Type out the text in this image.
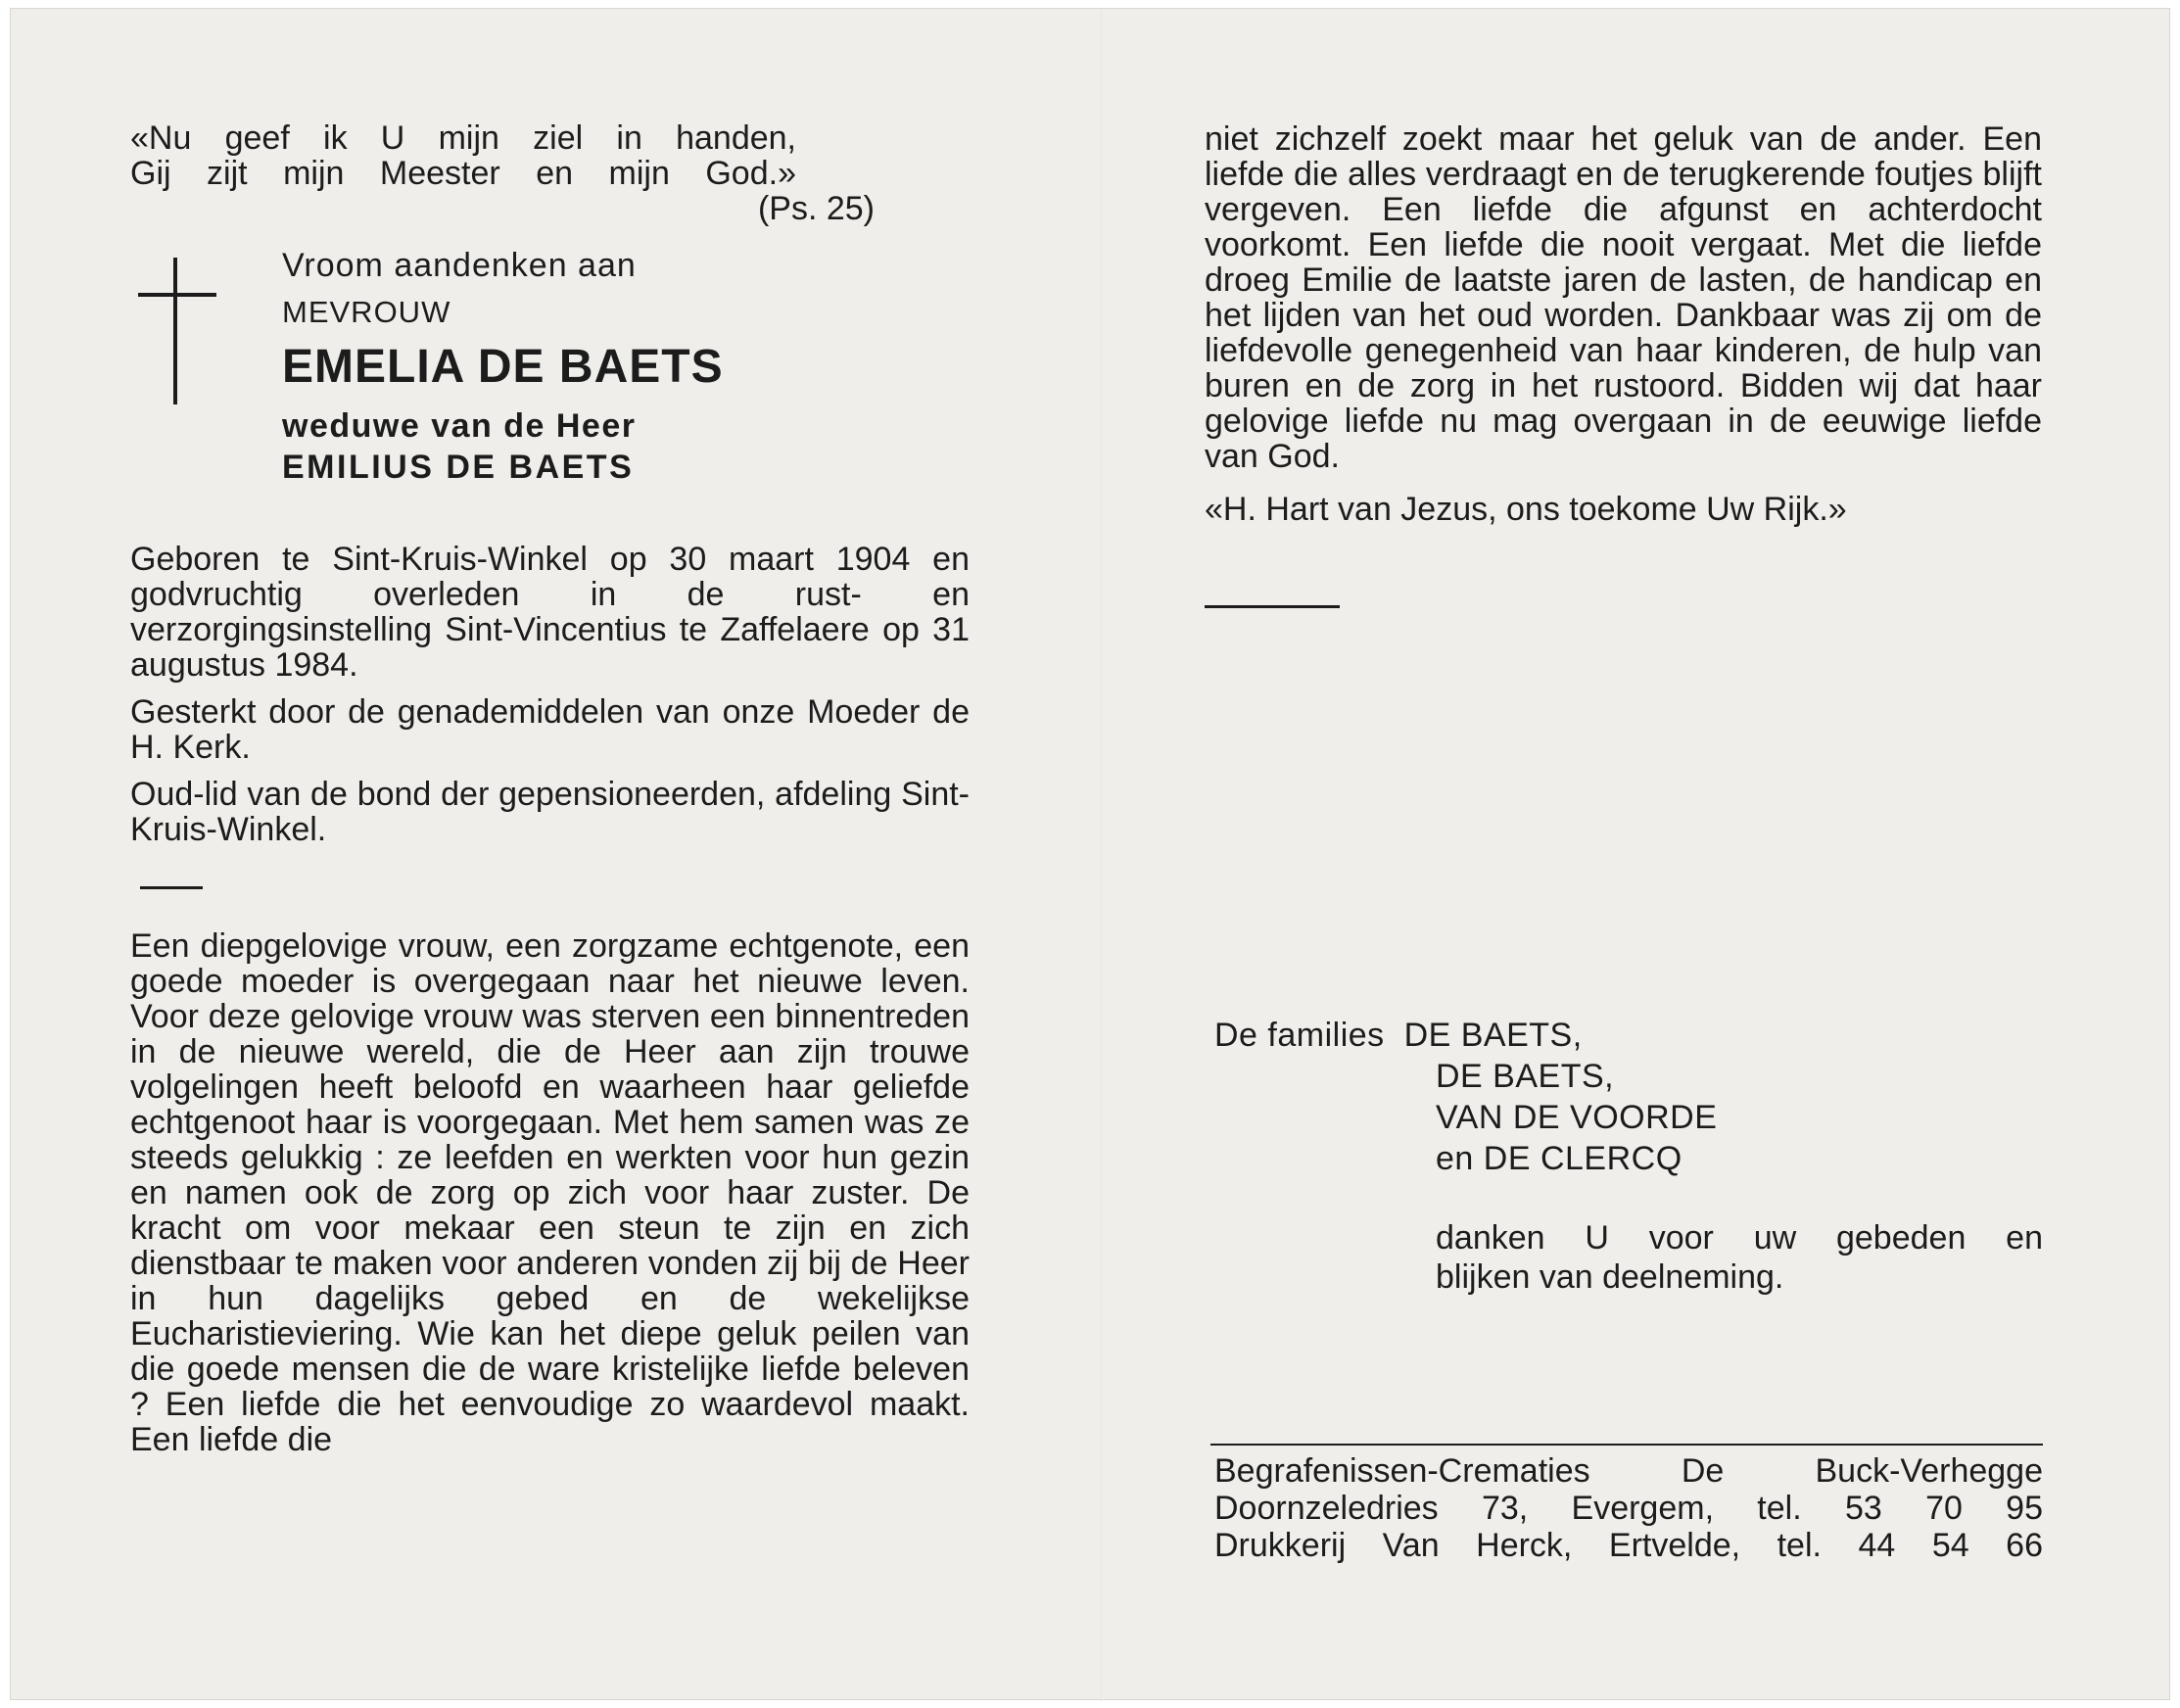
«Nu geef ik U mijn ziel in handen,
Gij zijt mijn Meester en mijn God.»
(Ps. 25)
Vroom aandenken aan
MEVROUW
EMELIA DE BAETS
weduwe van de Heer
EMILIUS DE BAETS

Geboren te Sint-Kruis-Winkel op 30 maart 1904 en godvruchtig overleden in de rust- en verzorgingsinstelling Sint-Vincentius te Zaffelaere op 31 augustus 1984.

Gesterkt door de genademiddelen van onze Moeder de H. Kerk.

Oud-lid van de bond der gepensioneerden, afdeling Sint-Kruis-Winkel.

Een diepgelovige vrouw, een zorgzame echtgenote, een goede moeder is overgegaan naar het nieuwe leven. Voor deze gelovige vrouw was sterven een binnentreden in de nieuwe wereld, die de Heer aan zijn trouwe volgelingen heeft beloofd en waarheen haar geliefde echtgenoot haar is voorgegaan. Met hem samen was ze steeds gelukkig : ze leefden en werkten voor hun gezin en namen ook de zorg op zich voor haar zuster. De kracht om voor mekaar een steun te zijn en zich dienstbaar te maken voor anderen vonden zij bij de Heer in hun dagelijks gebed en de wekelijkse Eucharistieviering. Wie kan het diepe geluk peilen van die goede mensen die de ware kristelijke liefde beleven ? Een liefde die het eenvoudige zo waardevol maakt. Een liefde die

niet zichzelf zoekt maar het geluk van de ander. Een liefde die alles verdraagt en de terugkerende foutjes blijft vergeven. Een liefde die afgunst en achterdocht voorkomt. Een liefde die nooit vergaat. Met die liefde droeg Emilie de laatste jaren de lasten, de handicap en het lijden van het oud worden. Dankbaar was zij om de liefdevolle genegenheid van haar kinderen, de hulp van buren en de zorg in het rustoord. Bidden wij dat haar gelovige liefde nu mag overgaan in de eeuwige liefde van God.

«H. Hart van Jezus, ons toekome Uw Rijk.»

De families DE BAETS,
DE BAETS,
VAN DE VOORDE
en DE CLERCQ
danken U voor uw gebeden en
blijken van deelneming.
Begrafenissen-Crematies De Buck-Verhegge
Doornzeledries 73, Evergem, tel. 53 70 95
Drukkerij Van Herck, Ertvelde, tel. 44 54 66
